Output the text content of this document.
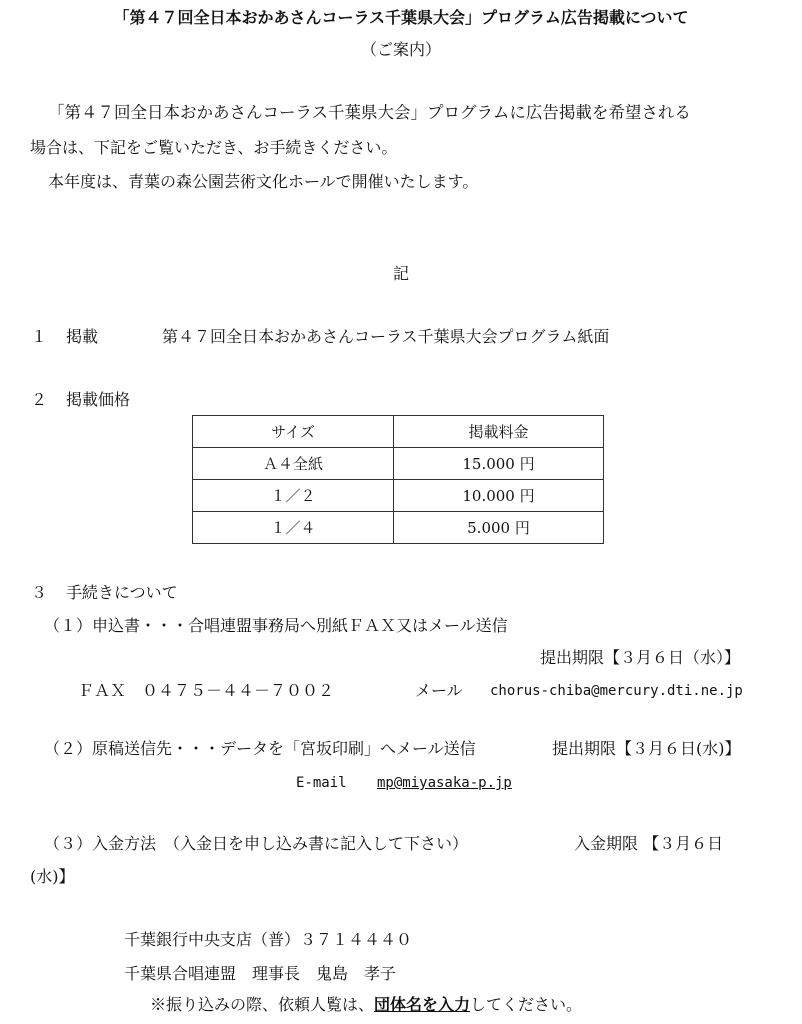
「第４７回全日本おかあさんコーラス千葉県大会」プログラム広告掲載について
（ご案内）
「第４７回全日本おかあさんコーラス千葉県大会」プログラムに広告掲載を希望される
場合は、下記をご覧いただき、お手続きください。
本年度は、青葉の森公園芸術文化ホールで開催いたします。
記
１ 掲載	第４７回全日本おかあさんコーラス千葉県大会プログラム紙面
２ 掲載価格
サイズ	掲載料金
Ａ４全紙	15.000 円
１／２	10.000 円
１／４	5.000 円
３ 手続きについて
（１）申込書・・・合唱連盟事務局へ別紙ＦＡＸ又はメール送信
提出期限【３月６日（水）】
ＦＡＸ　０４７５－４４－７００２	メール chorus-chiba@mercury.dti.ne.jp
（２）原稿送信先・・・データを「宮坂印刷」へメール送信	提出期限【３月６日(水)】
E-mail mp@miyasaka-p.jp
（３）入金方法　（入金日を申し込み書に記入して下さい）	入金期限 【３月６日
(水)】
千葉銀行中央支店（普）３７１４４４０
千葉県合唱連盟　理事長　鬼島　孝子
※振り込みの際、依頼人覧は、団体名を入力してください。
